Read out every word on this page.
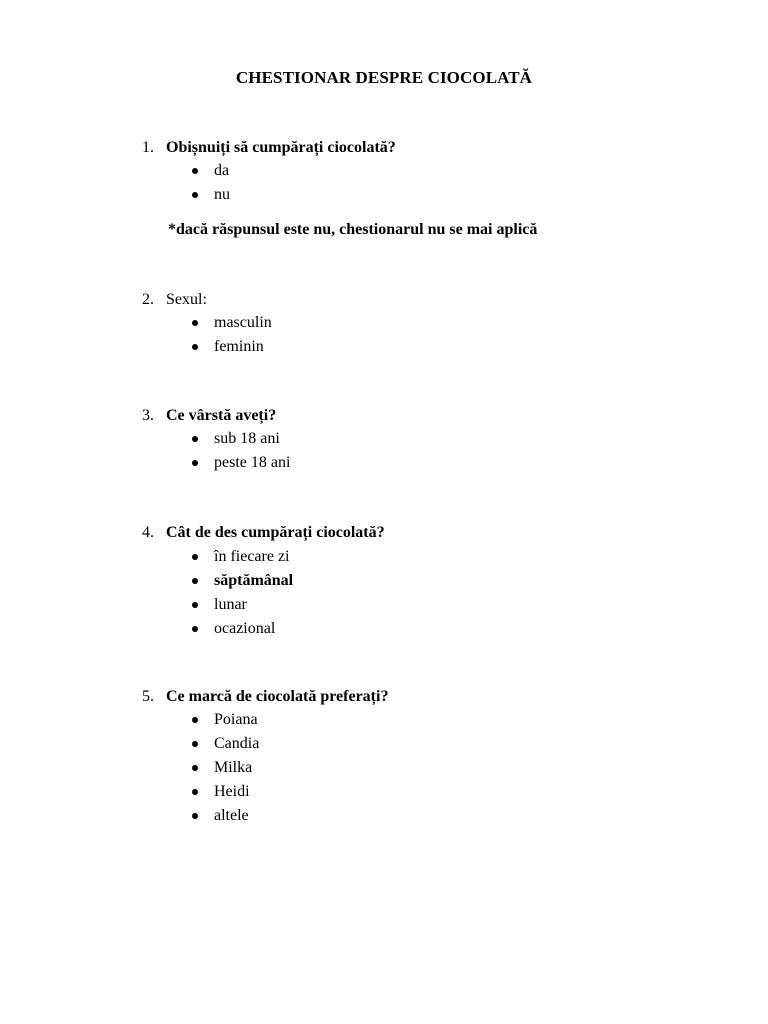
CHESTIONAR DESPRE CIOCOLATĂ
1. Obișnuiți să cumpărați ciocolată?
da
nu
*dacă răspunsul este nu, chestionarul nu se mai aplică
2. Sexul:
masculin
feminin
3. Ce vârstă aveți?
sub 18 ani
peste 18 ani
4. Cât de des cumpărați ciocolată?
în fiecare zi
săptămânal
lunar
ocazional
5. Ce marcă de ciocolată preferați?
Poiana
Candia
Milka
Heidi
altele
